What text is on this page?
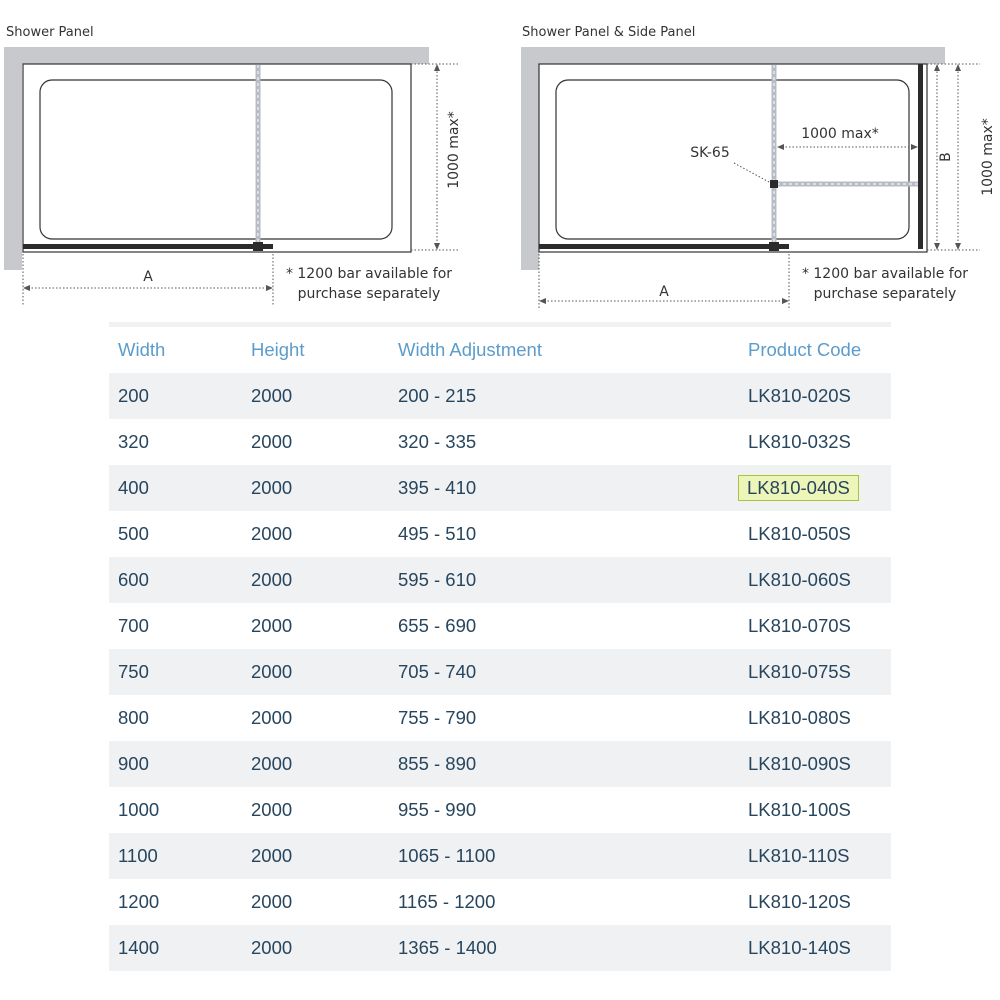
Shower Panel
1000 max*
A	* 1200 bar available for
purchase separately
Shower Panel & Side Panel
SK-65
1000 max*
B 1000 max*
A
* 1200 bar available for
purchase separately
Width	Height	Width Adjustment	Product Code
200	2000	200 - 215	LK810-020S
320	2000	320 - 335	LK810-032S
400	2000	395 - 410	LK810-040S
500	2000	495 - 510	LK810-050S
600	2000	595 - 610	LK810-060S
700	2000	655 - 690	LK810-070S
750	2000	705 - 740	LK810-075S
800	2000	755 - 790	LK810-080S
900	2000	855 - 890	LK810-090S
1000	2000	955 - 990	LK810-100S
1100	2000	1065 - 1100	LK810-110S
1200	2000	1165 - 1200	LK810-120S
1400	2000	1365 - 1400	LK810-140S
